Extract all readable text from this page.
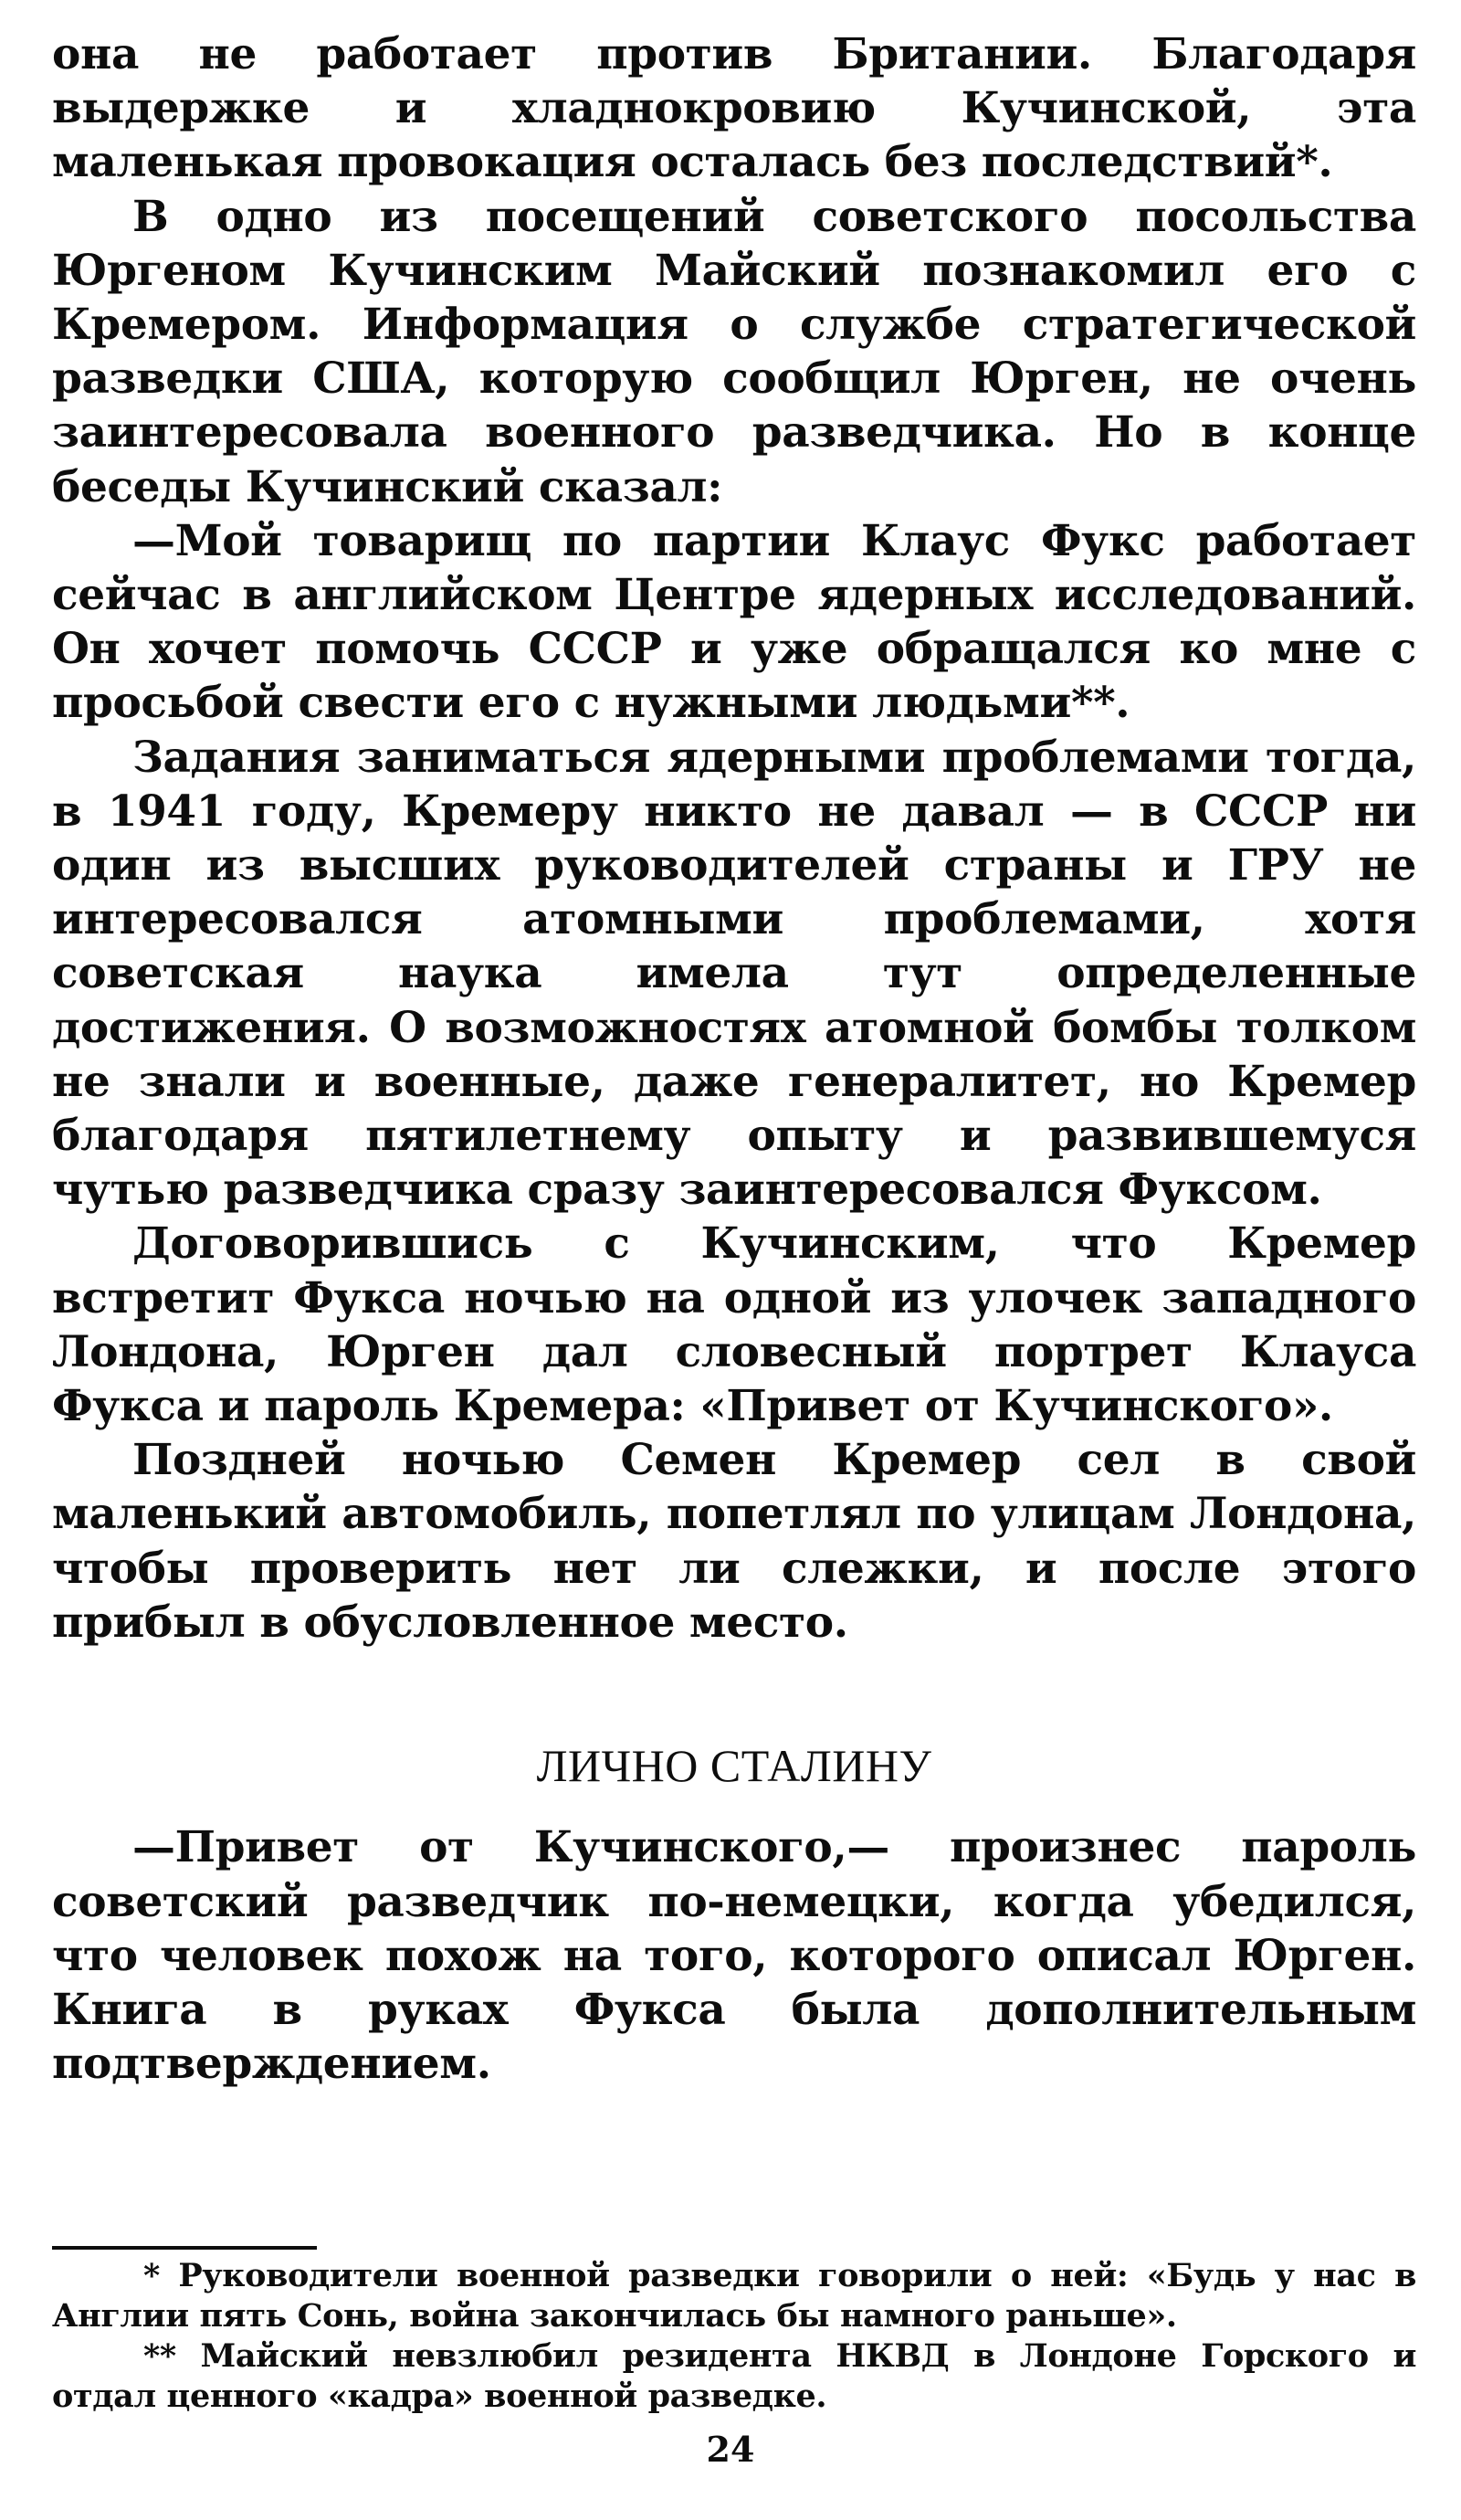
она не работает против Британии. Благодаря выдержке и хладнокровию Кучинской, эта маленькая провокация осталась без последствий*.

В одно из посещений советского посольства Юргеном Кучинским Майский познакомил его с Кремером. Информация о службе стратегической разведки США, которую сообщил Юрген, не очень заинтересовала военного разведчика. Но в конце беседы Кучинский сказал:

—Мой товарищ по партии Клаус Фукс работает сейчас в английском Центре ядерных исследований. Он хочет помочь СССР и уже обращался ко мне с просьбой свести его с нужными людьми**.

Задания заниматься ядерными проблемами тогда, в 1941 году, Кремеру никто не давал — в СССР ни один из высших руководителей страны и ГРУ не интересовался атомными проблемами, хотя советская наука имела тут определенные достижения. О возможностях атомной бомбы толком не знали и военные, даже генералитет, но Кремер благодаря пятилетнему опыту и развившемуся чутью разведчика сразу заинтересовался Фуксом.

Договорившись с Кучинским, что Кремер встретит Фукса ночью на одной из улочек западного Лондона, Юрген дал словесный портрет Клауса Фукса и пароль Кремера: «Привет от Кучинского».

Поздней ночью Семен Кремер сел в свой маленький автомобиль, попетлял по улицам Лондона, чтобы проверить нет ли слежки, и после этого прибыл в обусловленное место.

ЛИЧНО СТАЛИНУ

—Привет от Кучинского,— произнес пароль советский разведчик по-немецки, когда убедился, что человек похож на того, которого описал Юрген. Книга в руках Фукса была дополнительным подтверждением.

* Руководители военной разведки говорили о ней: «Будь у нас в Англии пять Сонь, война закончилась бы намного раньше».

** Майский невзлюбил резидента НКВД в Лондоне Горского и отдал ценного «кадра» военной разведке.

24
